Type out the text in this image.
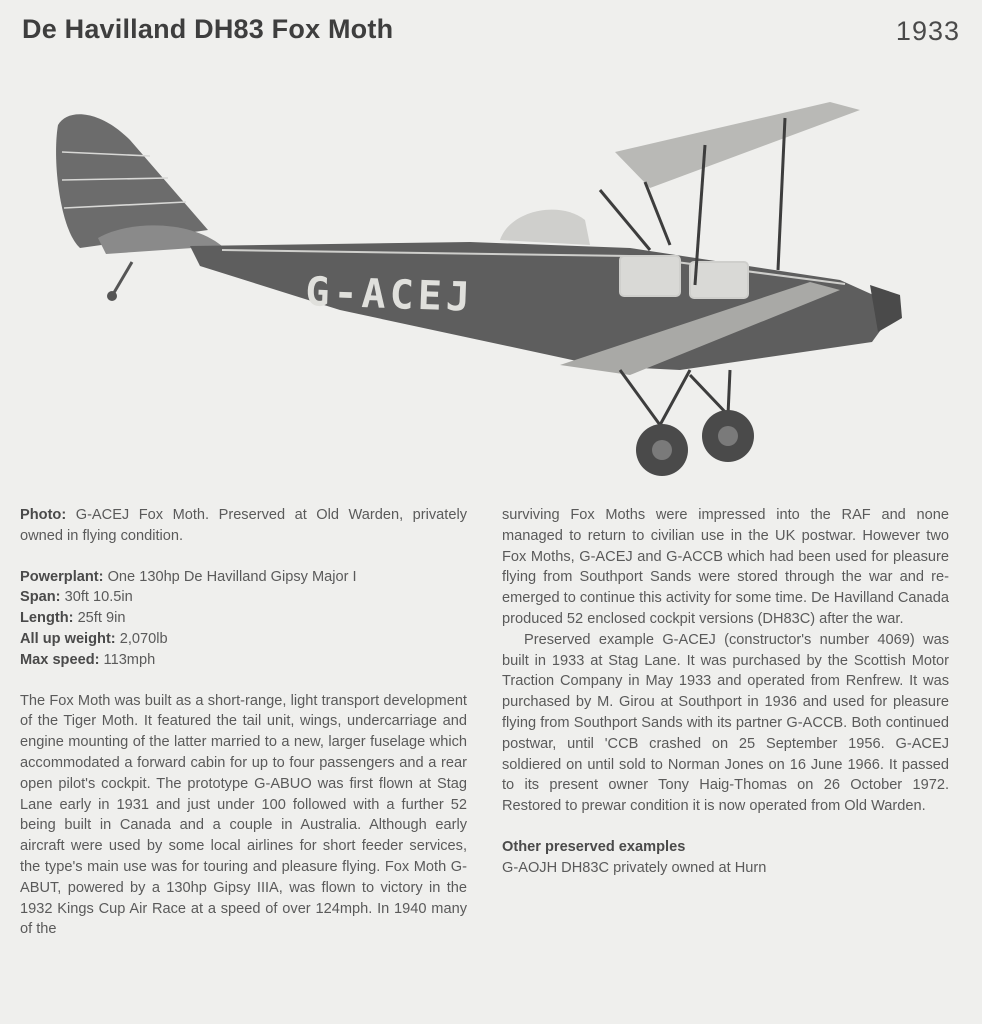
De Havilland DH83 Fox Moth	1933
G-ACEJ

Photo: G-ACEJ Fox Moth. Preserved at Old Warden, privately owned in flying condition.

Powerplant: One 130hp De Havilland Gipsy Major I
Span: 30ft 10.5in
Length: 25ft 9in
All up weight: 2,070lb
Max speed: 113mph

The Fox Moth was built as a short-range, light transport development of the Tiger Moth. It featured the tail unit, wings, undercarriage and engine mounting of the latter married to a new, larger fuselage which accommodated a forward cabin for up to four passengers and a rear open pilot's cockpit. The prototype G-ABUO was first flown at Stag Lane early in 1931 and just under 100 followed with a further 52 being built in Canada and a couple in Australia. Although early aircraft were used by some local airlines for short feeder services, the type's main use was for touring and pleasure flying. Fox Moth G-ABUT, powered by a 130hp Gipsy IIIA, was flown to victory in the 1932 Kings Cup Air Race at a speed of over 124mph. In 1940 many of the

surviving Fox Moths were impressed into the RAF and none managed to return to civilian use in the UK postwar. However two Fox Moths, G-ACEJ and G-ACCB which had been used for pleasure flying from Southport Sands were stored through the war and re-emerged to continue this activity for some time. De Havilland Canada produced 52 enclosed cockpit versions (DH83C) after the war.

Preserved example G-ACEJ (constructor's number 4069) was built in 1933 at Stag Lane. It was purchased by the Scottish Motor Traction Company in May 1933 and operated from Renfrew. It was purchased by M. Girou at Southport in 1936 and used for pleasure flying from Southport Sands with its partner G-ACCB. Both continued postwar, until 'CCB crashed on 25 September 1956. G-ACEJ soldiered on until sold to Norman Jones on 16 June 1966. It passed to its present owner Tony Haig-Thomas on 26 October 1972. Restored to prewar condition it is now operated from Old Warden.

Other preserved examples

G-AOJH DH83C privately owned at Hurn
